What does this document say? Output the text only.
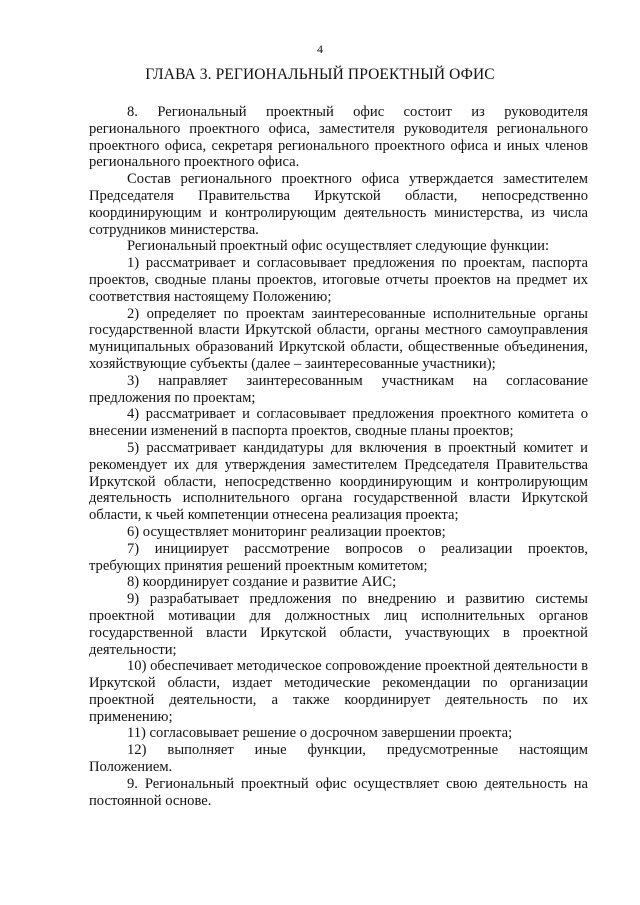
4
ГЛАВА 3. РЕГИОНАЛЬНЫЙ ПРОЕКТНЫЙ ОФИС

8. Региональный проектный офис состоит из руководителя регионального проектного офиса, заместителя руководителя регионального проектного офиса, секретаря регионального проектного офиса и иных членов регионального проектного офиса.

Состав регионального проектного офиса утверждается заместителем Председателя Правительства Иркутской области, непосредственно координирующим и контролирующим деятельность министерства, из числа сотрудников министерства.

Региональный проектный офис осуществляет следующие функции:

1) рассматривает и согласовывает предложения по проектам, паспорта проектов, сводные планы проектов, итоговые отчеты проектов на предмет их соответствия настоящему Положению;

2) определяет по проектам заинтересованные исполнительные органы государственной власти Иркутской области, органы местного самоуправления муниципальных образований Иркутской области, общественные объединения, хозяйствующие субъекты (далее – заинтересованные участники);

3) направляет заинтересованным участникам на согласование предложения по проектам;

4) рассматривает и согласовывает предложения проектного комитета о внесении изменений в паспорта проектов, сводные планы проектов;

5) рассматривает кандидатуры для включения в проектный комитет и рекомендует их для утверждения заместителем Председателя Правительства Иркутской области, непосредственно координирующим и контролирующим деятельность исполнительного органа государственной власти Иркутской области, к чьей компетенции отнесена реализация проекта;

6) осуществляет мониторинг реализации проектов;

7) инициирует рассмотрение вопросов о реализации проектов, требующих принятия решений проектным комитетом;

8) координирует создание и развитие АИС;

9) разрабатывает предложения по внедрению и развитию системы проектной мотивации для должностных лиц исполнительных органов государственной власти Иркутской области, участвующих в проектной деятельности;

10) обеспечивает методическое сопровождение проектной деятельности в Иркутской области, издает методические рекомендации по организации проектной деятельности, а также координирует деятельность по их применению;

11) согласовывает решение о досрочном завершении проекта;

12) выполняет иные функции, предусмотренные настоящим Положением.

9. Региональный проектный офис осуществляет свою деятельность на постоянной основе.
